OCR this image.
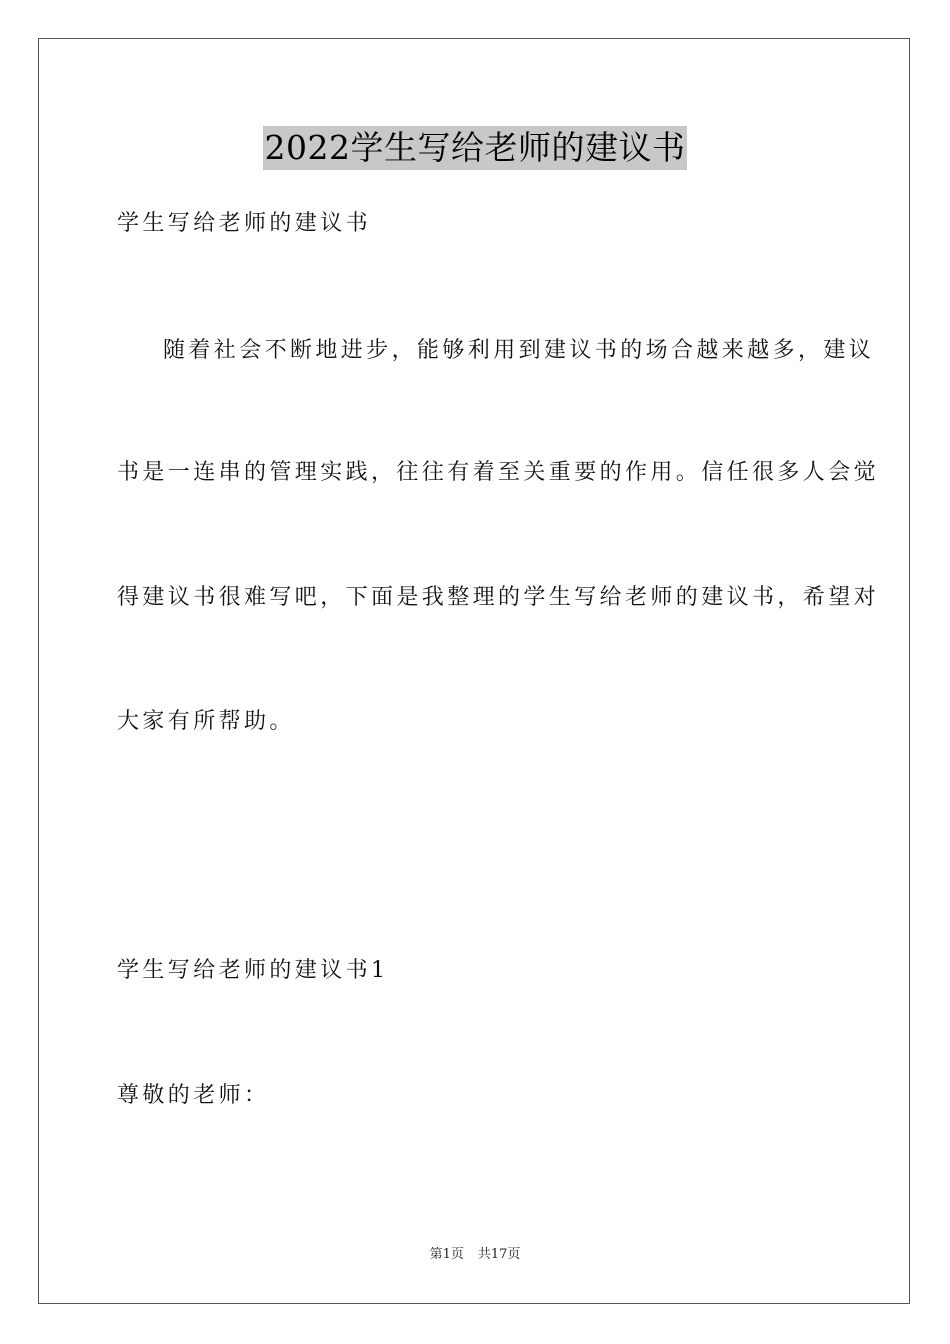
2022学生写给老师的建议书
学生写给老师的建议书
随着社会不断地进步，能够利用到建议书的场合越来越多，建议
书是一连串的管理实践，往往有着至关重要的作用。信任很多人会觉
得建议书很难写吧，下面是我整理的学生写给老师的建议书，希望对
大家有所帮助。
学生写给老师的建议书1
尊敬的老师：
第1页 共17页
